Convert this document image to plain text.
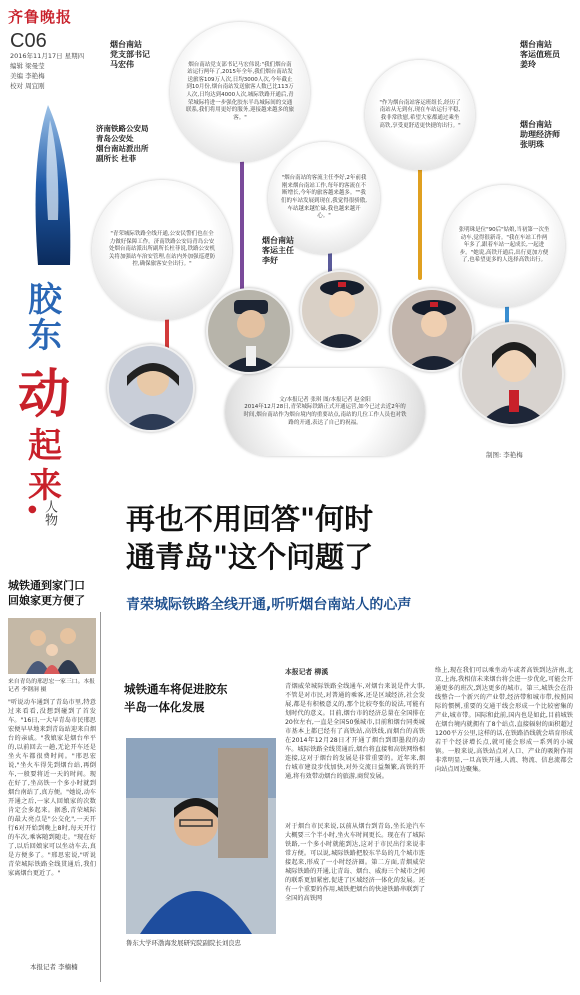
齐鲁晚报
C06
2016年11月17日 星期四
编辑 梁曼莹
美编 李艳梅
校对 周宜刚
胶
东
动
起
来
● 人物

烟台南站党支部书记马宏伟说:"我们烟台南站运行两年了,2015年全年,我们烟台南站发送旅客109万人次,日均3000人次,今年截止到10月份,烟台南站发送旅客人数已比113万人次,日均达到4000人次,城际铁路开通后,青荣城际将进一步强化胶东半岛城际间的交通联系,我们将用更好的服务,迎接越来越多的旅客。"

"作为烟台南站客运班组长,经历了南站从无到有,现在车站运行平稳,我非常欣慰,希望大家都通过乘坐高铁,享受更舒适更快捷的出行。"

"烟台南站的客流主任李好,2年前我刚来烟台南站工作,每年的客流在不断增长,今年的旅客越来越多。""我们的车站发展到现在,我觉得很骄傲,车站越来越忙碌,我也越来越开心。"

"青荣城际铁路全线开通,公安民警们也在全力做好保障工作。济南铁路公安局青岛公安处烟台南站派出所副所长杜菲说,铁路公安机关将加强站车治安管理,在站内外加强巡逻防控,确保旅客安全出行。"

张明珠是位"90后"姑娘,当初第一次坐动车,觉得很新奇。"我在车站工作两年多了,跟着车站一起成长,一起进步。"她说,高铁开通后,出行更加方便了,也希望更多的人选择高铁出行。

文/本报记者 张琪 图/本报记者 赵金阳
2014年12月28日,青荣城际铁路正式开通运营,如今已过去近2年的时间,烟台南站作为烟台境内的重要站点,南站的几位工作人员也对铁路的开通,表达了自己的祝福。

烟台南站
党支部书记
马宏伟
济南铁路公安局
青岛公安处
烟台南站派出所
副所长 杜菲
烟台南站
客运值班员
姜玲
烟台南站
客运主任
李好
烟台南站
助理经济师
张明珠
制图: 李艳梅
再也不用回答"何时
通青岛"这个问题了
青荣城际铁路全线开通,听听烟台南站人的心声
城铁通到家门口
回娘家更方便了
来自青岛的邢思宏一家三口。本报记者 李钢洞 摄
"听说动车通到了青岛市里,特意过来看看,没想到碰到了首发车。"16日,一大早青岛市民邢思宏便早早地来到青岛站迎来自烟台的亲戚。"我娘家是烟台牟平的,以前回去一趟,无论开车还是坐火车都很费时间。"邢思宏说,"坐火车得先到烟台站,再倒车,一般要将近一天的时间。现在好了,坐高铁一个多小时就到烟台南站了,真方便。"她说,动车开通之后,一家人回娘家的次数肯定会多起来。据悉,青荣城际的最大亮点是"公交化",一天开行6对开始到晚上8时,每天开行的车次,乘客随到随走。"现在好了,以后回娘家可以坐动车去,真是方便多了。"邢思宏说,"听说青荣城际铁路全线贯通后,我们家离烟台更近了。"
本报记者 李楠楠
城铁通车将促进胶东
半岛一体化发展
鲁东大学环渤海发展研究院副院长刘良忠
本报记者 柳溪
青烟威荣城际铁路全线通车,对烟台来说是件大事,不管是对市民,对普通的乘客,还是区域经济,社会发展,都是有积极意义的,那个比较夸张的说法,可能有划时代的意义。目前,烟台市的经济总量在全国排在20位左右,一直是全国50强城市,目前和烟台同类城市基本上都已经有了高铁站,高铁线,而烟台的高铁在2014年12月28日才开通了烟台到即墨段的动车。城际铁路全线贯通后,烟台将直接和高铁网络相连接,这对于烟台的发展是非常重要的。近年来,烟台城市建设步伐加快,对外交流日益频繁,高铁的开通,将有效带动烟台的旅游,商贸发展。
对于烟台市民来说,以前从烟台到青岛,坐长途汽车大概要三个半小时,坐火车时间更长。现在有了城际铁路,一个多小时就能到达,这对于市民出行来说非常方便。可以说,城际铁路把胶东半岛的几个城市连接起来,形成了一小时经济圈。第二方面,青烟威荣城际铁路的开通,让青岛、烟台、威海三个城市之间的联系更加紧密,促进了区域经济一体化的发展。还有一个重要的作用,城铁把烟台的快速铁路串联到了全国的高铁网
络上,现在我们可以乘坐动车或者高铁到达济南,北京,上海,我相信未来烟台将会进一步优化,可能会开通更多的班次,到达更多的城市。第三,城铁会在沿线整合一个新兴的产业带,经济带和城市带,按照国际的惯例,重要的交通干线会形成一个比较密集的产业,城市带。国际和此前,国内也是如此,目前城铁在烟台境内就拥有了8个站点,直接辐射的面积超过1200平方公里,这样的话,在铁路沿线就会培育形成若干个经济增长点,就可能会形成一系列的小城镇。一般来说,高铁站点对人口、产业的吸附作用非常明显,一旦高铁开通,人流、物流、信息流都会向站点周边聚集。
